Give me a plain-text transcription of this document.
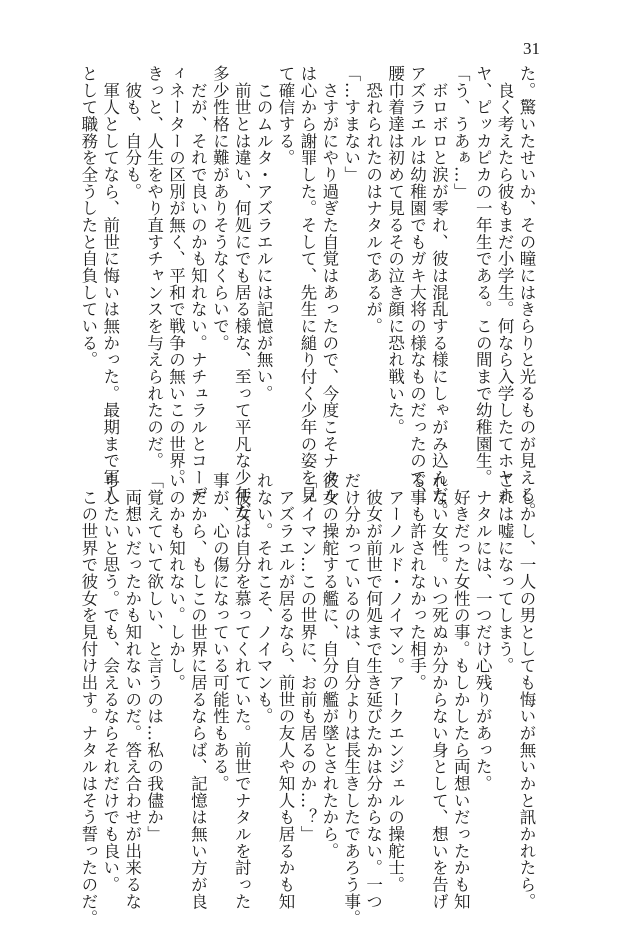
31

た。驚いたせいか、その瞳にはきらりと光るものが見える。

　良く考えたら彼もまだ小学生。何なら入学したてホヤホ

ヤ、ピッカピカの一年生である。この間まで幼稚園生。

「う、うあぁ…」

　ボロボロと涙が零れ、彼は混乱する様にしゃがみ込んだ。

アズラエルは幼稚園でもガキ大将の様なものだったので、

腰巾着達は初めて見るその泣き顔に恐れ戦いた。

　恐れられたのはナタルであるが。

「…すまない」

　さすがにやり過ぎた自覚はあったので、今度こそナタル

は心から謝罪した。そして、先生に縋り付く少年の姿を見

て確信する。

　このムルタ・アズラエルには記憶が無い。

　前世とは違い、何処にでも居る様な、至って平凡な少年だ。

多少性格に難がありそうなくらいで。

　だが、それで良いのかも知れない。ナチュラルとコーデ

ィネーターの区別が無く、平和で戦争の無いこの世界。

きっと、人生をやり直すチャンスを与えられたのだ。

　彼も、自分も。

　軍人としてなら、前世に悔いは無かった。最期まで軍人

として職務を全うしたと自負している。

　しかし、一人の男としても悔いが無いかと訊かれたら。

これは嘘になってしまう。

　ナタルには、一つだけ心残りがあった。

　好きだった女性の事。もしかしたら両想いだったかも知

れない女性。いつ死ぬか分からない身として、想いを告げ

る事も許されなかった相手。

　アーノルド・ノイマン。アークエンジェルの操舵士。

　彼女が前世で何処まで生き延びたかは分からない。一つ

だけ分かっているのは、自分よりは長生きしたであろう事。

彼女の操舵する艦に、自分の艦が墜とされたから。

「ノイマン…この世界に、お前も居るのか…？」

　アズラエルが居るなら、前世の友人や知人も居るかも知

れない。それこそ、ノイマンも。

　彼女は自分を慕ってくれていた。前世でナタルを討った

事が、心の傷になっている可能性もある。

　だから、もしこの世界に居るならば、記憶は無い方が良

いのかも知れない。しかし。

「覚えていて欲しい、と言うのは…私の我儘か」

　両想いだったかも知れないのだ。答え合わせが出来るな

らしたいと思う。でも、会えるならそれだけでも良い。

　この世界で彼女を見付け出す。ナタルはそう誓ったのだ。
